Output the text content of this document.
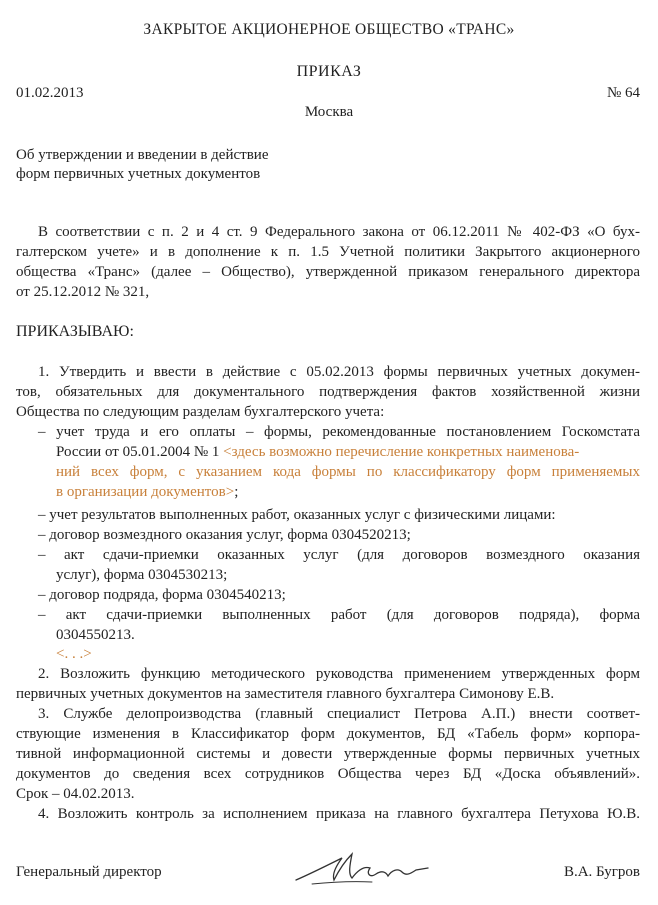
ЗАКРЫТОЕ АКЦИОНЕРНОЕ ОБЩЕСТВО «ТРАНС»
ПРИКАЗ
01.02.2013	№ 64
Москва
Об утверждении и введении в действие
форм первичных учетных документов
В соответствии с п. 2 и 4 ст. 9 Федерального закона от 06.12.2011 № 402-ФЗ «О бух-
галтерском учете» и в дополнение к п. 1.5 Учетной политики Закрытого акционерного
общества «Транс» (далее – Общество), утвержденной приказом генерального директора
от 25.12.2012 № 321,
ПРИКАЗЫВАЮ:
1. Утвердить и ввести в действие с 05.02.2013 формы первичных учетных докумен-
тов, обязательных для документального подтверждения фактов хозяйственной жизни
Общества по следующим разделам бухгалтерского учета:
– учет труда и его оплаты – формы, рекомендованные постановлением Госкомстата
России от 05.01.2004 № 1 <здесь возможно перечисление конкретных наименова-
ний всех форм, с указанием кода формы по классификатору форм применяемых
в организации документов>;
– учет результатов выполненных работ, оказанных услуг с физическими лицами:
– договор возмездного оказания услуг, форма 0304520213;
– акт сдачи-приемки оказанных услуг (для договоров возмездного оказания
услуг), форма 0304530213;
– договор подряда, форма 0304540213;
– акт сдачи-приемки выполненных работ (для договоров подряда), форма
0304550213.
<. . .>
2. Возложить функцию методического руководства применением утвержденных форм
первичных учетных документов на заместителя главного бухгалтера Симонову Е.В.
3. Службе делопроизводства (главный специалист Петрова А.П.) внести соответ-
ствующие изменения в Классификатор форм документов, БД «Табель форм» корпора-
тивной информационной системы и довести утвержденные формы первичных учетных
документов до сведения всех сотрудников Общества через БД «Доска объявлений».
Срок – 04.02.2013.
4. Возложить контроль за исполнением приказа на главного бухгалтера Петухова Ю.В.
Генеральный директор	В.А. Бугров
